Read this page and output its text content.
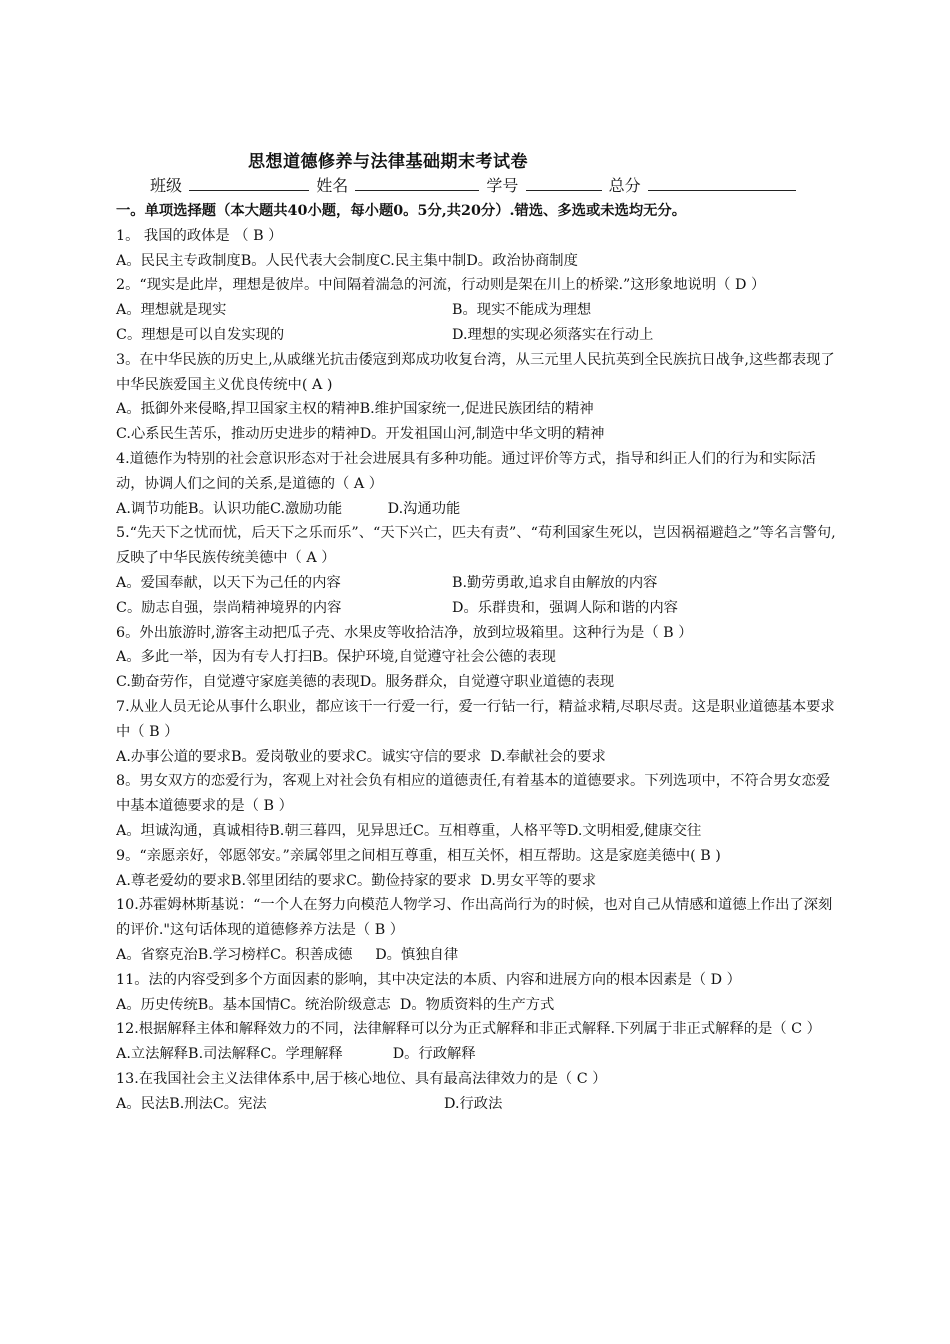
思想道德修养与法律基础期末考试卷
班级	姓名	学号	总分
一。单项选择题（本大题共40小题，每小题0。5分,共20分）.错选、多选或未选均无分。
1。 我国的政体是 （ B ）
A。民民主专政制度B。人民代表大会制度C.民主集中制D。政治协商制度
2。“现实是此岸，理想是彼岸。中间隔着湍急的河流，行动则是架在川上的桥梁.”这形象地说明（ D ）
A。理想就是现实	B。现实不能成为理想
C。理想是可以自发实现的	D.理想的实现必须落实在行动上
3。在中华民族的历史上,从戚继光抗击倭寇到郑成功收复台湾，从三元里人民抗英到全民族抗日战争,这些都表现了中华民族爱国主义优良传统中( A )
A。抵御外来侵略,捍卫国家主权的精神B.维护国家统一,促进民族团结的精神
C.心系民生苦乐，推动历史进步的精神D。开发祖国山河,制造中华文明的精神
4.道德作为特别的社会意识形态对于社会进展具有多种功能。通过评价等方式，指导和纠正人们的行为和实际活动，协调人们之间的关系,是道德的（ A ）
A.调节功能B。认识功能C.激励功能          D.沟通功能
5.“先天下之忧而忧，后天下之乐而乐”、“天下兴亡，匹夫有责”、“苟利国家生死以，岂因祸福避趋之”等名言警句,反映了中华民族传统美德中（ A ）
A。爱国奉献，以天下为己任的内容	B.勤劳勇敢,追求自由解放的内容
C。励志自强，崇尚精神境界的内容	D。乐群贵和，强调人际和谐的内容
6。外出旅游时,游客主动把瓜子壳、水果皮等收拾洁净，放到垃圾箱里。这种行为是（ B ）
A。多此一举，因为有专人打扫B。保护环境,自觉遵守社会公德的表现
C.勤奋劳作，自觉遵守家庭美德的表现D。服务群众，自觉遵守职业道德的表现
7.从业人员无论从事什么职业，都应该干一行爱一行，爱一行钻一行，精益求精,尽职尽责。这是职业道德基本要求中（ B ）
A.办事公道的要求B。爱岗敬业的要求C。诚实守信的要求  D.奉献社会的要求
8。男女双方的恋爱行为，客观上对社会负有相应的道德责任,有着基本的道德要求。下列选项中，不符合男女恋爱中基本道德要求的是（ B ）
A。坦诚沟通，真诚相待B.朝三暮四，见异思迁C。互相尊重，人格平等D.文明相爱,健康交往
9。“亲愿亲好，邻愿邻安。”亲属邻里之间相互尊重，相互关怀，相互帮助。这是家庭美德中( B )
A.尊老爱幼的要求B.邻里团结的要求C。勤俭持家的要求  D.男女平等的要求
10.苏霍姆林斯基说：“一个人在努力向模范人物学习、作出高尚行为的时候，也对自己从情感和道德上作出了深刻的评价."这句话体现的道德修养方法是（ B ）
A。省察克治B.学习榜样C。积善成德     D。慎独自律
11。法的内容受到多个方面因素的影响，其中决定法的本质、内容和进展方向的根本因素是（ D ）
A。历史传统B。基本国情C。统治阶级意志  D。物质资料的生产方式
12.根据解释主体和解释效力的不同，法律解释可以分为正式解释和非正式解释.下列属于非正式解释的是（ C ）
A.立法解释B.司法解释C。学理解释           D。行政解释
13.在我国社会主义法律体系中,居于核心地位、具有最高法律效力的是（ C ）
A。民法B.刑法C。宪法	D.行政法
